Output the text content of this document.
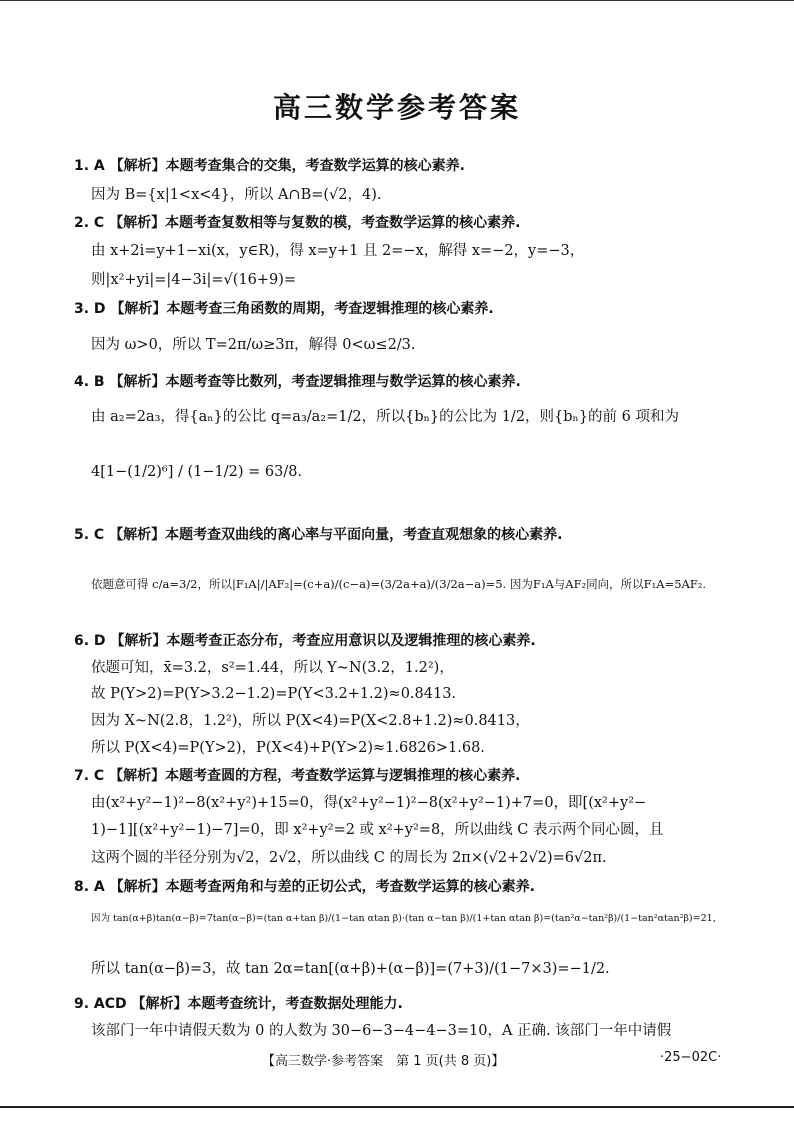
高三数学参考答案
1. A 【解析】本题考查集合的交集，考查数学运算的核心素养.
因为 B={x|1<x<4}，所以 A∩B=(√2，4).
2. C 【解析】本题考查复数相等与复数的模，考查数学运算的核心素养.
由 x+2i=y+1−xi(x，y∈R)，得 x=y+1 且 2=−x，解得 x=−2，y=−3，
则|x²+yi|=|4−3i|=√(16+9)=
3. D 【解析】本题考查三角函数的周期，考查逻辑推理的核心素养.
因为 ω>0，所以 T=2π/ω≥3π，解得 0<ω≤2/3.
4. B 【解析】本题考查等比数列，考查逻辑推理与数学运算的核心素养.
由 a₂=2a₃，得{aₙ}的公比 q=a₃/a₂=1/2，所以{bₙ}的公比为 1/2，则{bₙ}的前 6 项和为
4[1−(1/2)⁶] / (1−1/2) = 63/8.
5. C 【解析】本题考查双曲线的离心率与平面向量，考查直观想象的核心素养.
依题意可得 c/a=3/2，所以|F₁A|/|AF₂|=(c+a)/(c−a)=(3/2a+a)/(3/2a−a)=5. 因为F₁A与AF₂同向，所以F₁A=5AF₂.
6. D 【解析】本题考查正态分布，考查应用意识以及逻辑推理的核心素养.
依题可知，x̄=3.2，s²=1.44，所以 Y~N(3.2，1.2²)，
故 P(Y>2)=P(Y>3.2−1.2)=P(Y<3.2+1.2)≈0.8413.
因为 X~N(2.8，1.2²)，所以 P(X<4)=P(X<2.8+1.2)≈0.8413，
所以 P(X<4)=P(Y>2)，P(X<4)+P(Y>2)≈1.6826>1.68.
7. C 【解析】本题考查圆的方程，考查数学运算与逻辑推理的核心素养.
由(x²+y²−1)²−8(x²+y²)+15=0，得(x²+y²−1)²−8(x²+y²−1)+7=0，即[(x²+y²−
1)−1][(x²+y²−1)−7]=0，即 x²+y²=2 或 x²+y²=8，所以曲线 C 表示两个同心圆，且
这两个圆的半径分别为√2，2√2，所以曲线 C 的周长为 2π×(√2+2√2)=6√2π.
8. A 【解析】本题考查两角和与差的正切公式，考查数学运算的核心素养.
因为 tan(α+β)tan(α−β)=7tan(α−β)=(tan α+tan β)/(1−tan αtan β)·(tan α−tan β)/(1+tan αtan β)=(tan²α−tan²β)/(1−tan²αtan²β)=21，
所以 tan(α−β)=3，故 tan 2α=tan[(α+β)+(α−β)]=(7+3)/(1−7×3)=−1/2.
9. ACD 【解析】本题考查统计，考查数据处理能力.
该部门一年中请假天数为 0 的人数为 30−6−3−4−4−3=10，A 正确. 该部门一年中请假
【高三数学·参考答案　第 1 页(共 8 页)】	·25−02C·
